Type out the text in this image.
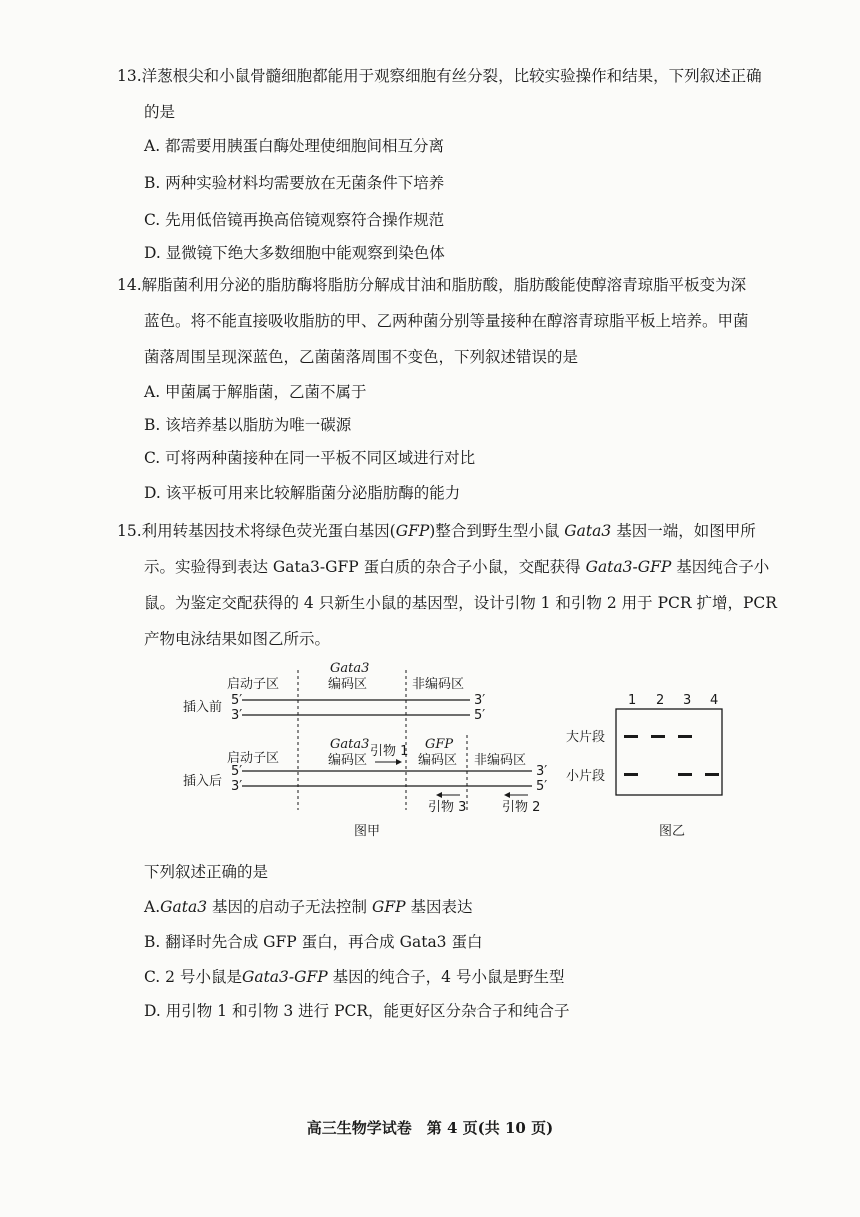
13.洋葱根尖和小鼠骨髓细胞都能用于观察细胞有丝分裂，比较实验操作和结果，下列叙述正确
的是
A. 都需要用胰蛋白酶处理使细胞间相互分离
B. 两种实验材料均需要放在无菌条件下培养
C. 先用低倍镜再换高倍镜观察符合操作规范
D. 显微镜下绝大多数细胞中能观察到染色体
14.解脂菌利用分泌的脂肪酶将脂肪分解成甘油和脂肪酸，脂肪酸能使醇溶青琼脂平板变为深
蓝色。将不能直接吸收脂肪的甲、乙两种菌分别等量接种在醇溶青琼脂平板上培养。甲菌
菌落周围呈现深蓝色，乙菌菌落周围不变色，下列叙述错误的是
A. 甲菌属于解脂菌，乙菌不属于
B. 该培养基以脂肪为唯一碳源
C. 可将两种菌接种在同一平板不同区域进行对比
D. 该平板可用来比较解脂菌分泌脂肪酶的能力
15.利用转基因技术将绿色荧光蛋白基因(GFP)整合到野生型小鼠 Gata3 基因一端，如图甲所
示。实验得到表达 Gata3-GFP 蛋白质的杂合子小鼠，交配获得 Gata3-GFP 基因纯合子小
鼠。为鉴定交配获得的 4 只新生小鼠的基因型，设计引物 1 和引物 2 用于 PCR 扩增，PCR
产物电泳结果如图乙所示。
启动子区
Gata3
编码区	非编码区
插入前 5′
3′
3′
5′
启动子区
Gata3
编码区
引物 1 GFP
编码区 非编码区
插入后
5′
3′
3′
5′
引物 3	引物 2
图甲
1 2 3 4
大片段
小片段
图乙
下列叙述正确的是
A.Gata3 基因的启动子无法控制 GFP 基因表达
B. 翻译时先合成 GFP 蛋白，再合成 Gata3 蛋白
C. 2 号小鼠是Gata3-GFP 基因的纯合子，4 号小鼠是野生型
D. 用引物 1 和引物 3 进行 PCR，能更好区分杂合子和纯合子
高三生物学试卷　第 4 页(共 10 页)
